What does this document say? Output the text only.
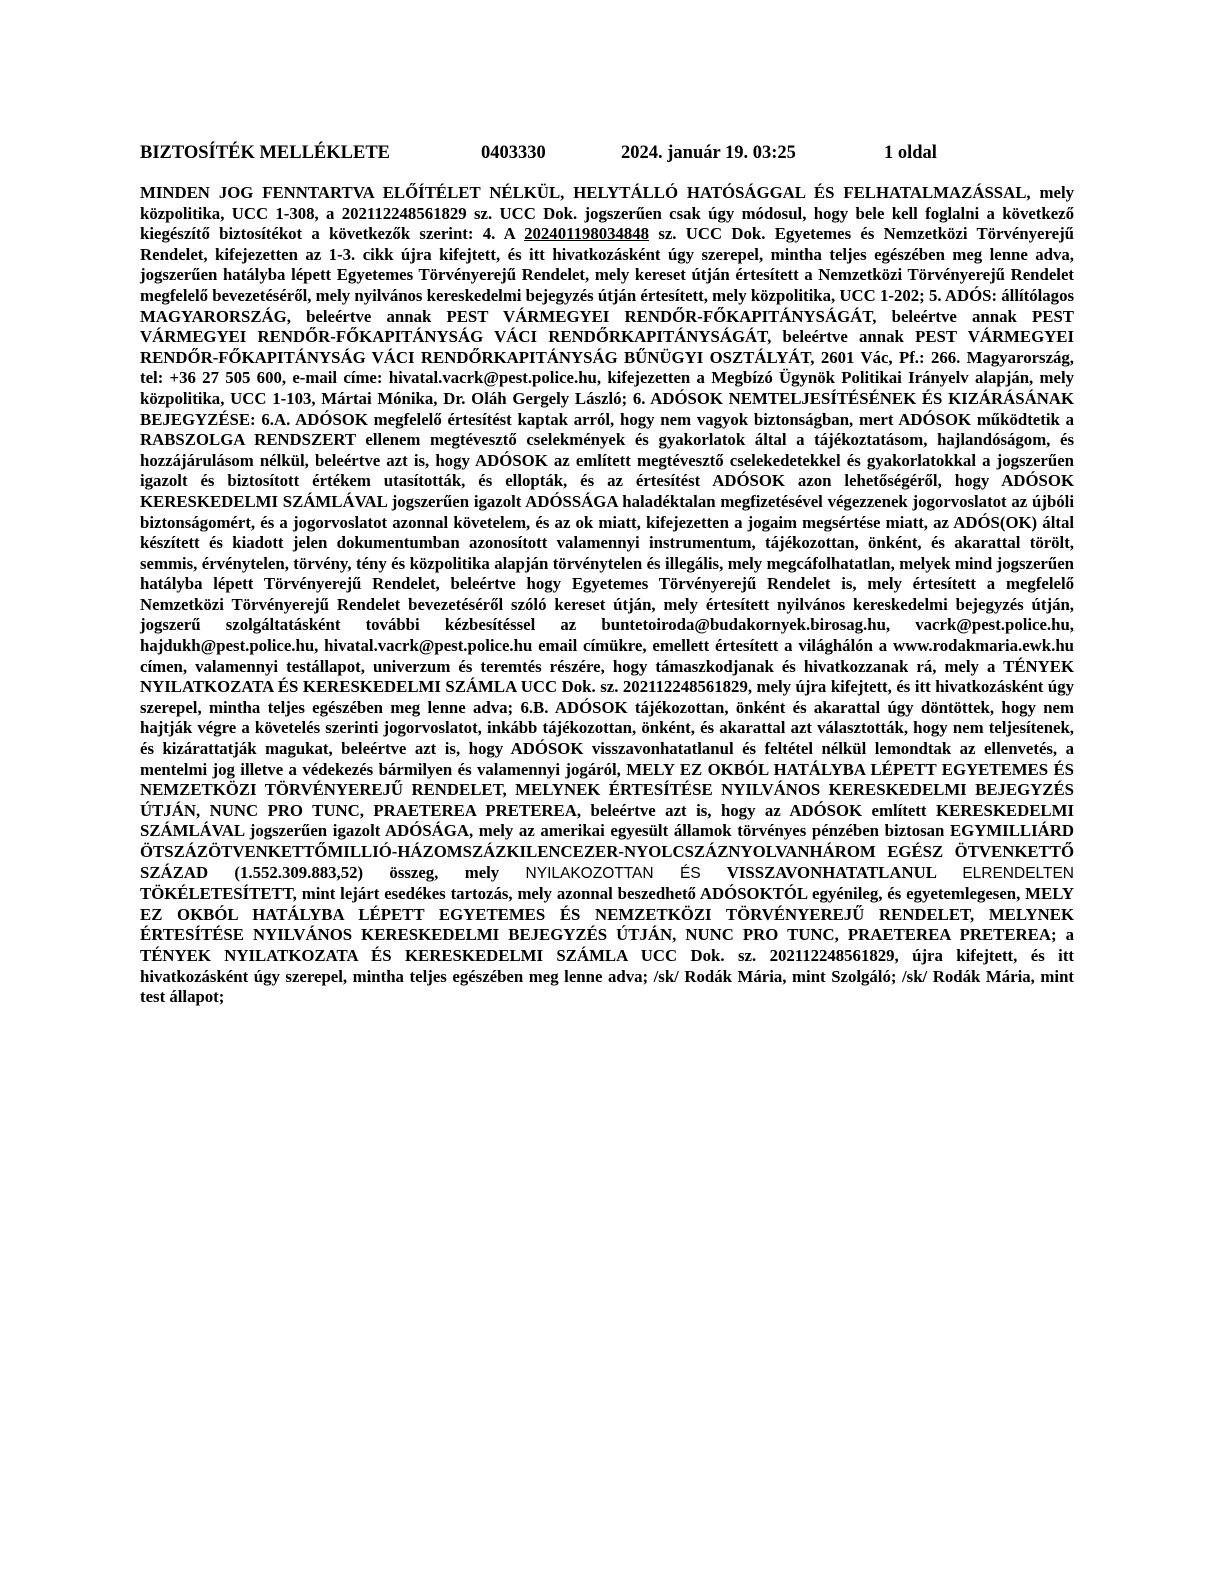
BIZTOSÍTÉK MELLÉKLETE	0403330	2024. január 19. 03:25	1 oldal
MINDEN JOG FENNTARTVA ELŐÍTÉLET NÉLKÜL, HELYTÁLLÓ HATÓSÁGGAL ÉS FELHATALMAZÁSSAL, mely közpolitika, UCC 1-308, a 202112248561829 sz. UCC Dok. jogszerűen csak úgy módosul, hogy bele kell foglalni a következő kiegészítő biztosítékot a következők szerint: 4. A 20240119803484​8 sz. UCC Dok. Egyetemes és Nemzetközi Törvényerejű Rendelet, kifejezetten az 1-3. cikk újra kifejtett, és itt hivatkozásként úgy szerepel, mintha teljes egészében meg lenne adva, jogszerűen hatályba lépett Egyetemes Törvényerejű Rendelet, mely kereset útján értesített a Nemzetközi Törvényerejű Rendelet megfelelő bevezetéséről, mely nyilvános kereskedelmi bejegyzés útján értesített, mely közpolitika, UCC 1-202; 5. ADÓS: állítólagos MAGYARORSZÁG, beleértve annak PEST VÁRMEGYEI RENDŐR-FŐKAPITÁNYSÁGÁT, beleértve annak PEST VÁRMEGYEI RENDŐR-FŐKAPITÁNYSÁG VÁCI RENDŐRKAPITÁNYSÁGÁT, beleértve annak PEST VÁRMEGYEI RENDŐR-FŐKAPITÁNYSÁG VÁCI RENDŐRKAPITÁNYSÁG BŰNÜGYI OSZTÁLYÁT, 2601 Vác, Pf.: 266. Magyarország, tel: +36 27 505 600, e-mail címe: hivatal.vacrk@pest.police.hu, kifejezetten a Megbízó Ügynök Politikai Irányelv alapján, mely közpolitika, UCC 1-103, Mártai Mónika, Dr. Oláh Gergely László; 6. ADÓSOK NEMTELJESÍTÉSÉNEK ÉS KIZÁRÁSÁNAK BEJEGYZÉSE: 6.A. ADÓSOK megfelelő értesítést kaptak arról, hogy nem vagyok biztonságban, mert ADÓSOK működtetik a RABSZOLGA RENDSZERT ellenem megtévesztő cselekmények és gyakorlatok által a tájékoztatásom, hajlandóságom, és hozzájárulásom nélkül, beleértve azt is, hogy ADÓSOK az említett megtévesztő cselekedetekkel és gyakorlatokkal a jogszerűen igazolt és biztosított értékem utasították, és ellopták, és az értesítést ADÓSOK azon lehetőségéről, hogy ADÓSOK KERESKEDELMI SZÁMLÁVAL jogszerűen igazolt ADÓSSÁGA haladéktalan megfizetésével végezzenek jogorvoslatot az újbóli biztonságomért, és a jogorvoslatot azonnal követelem, és az ok miatt, kifejezetten a jogaim megsértése miatt, az ADÓS(OK) által készített és kiadott jelen dokumentumban azonosított valamennyi instrumentum, tájékozottan, önként, és akarattal törölt, semmis, érvénytelen, törvény, tény és közpolitika alapján törvénytelen és illegális, mely megcáfolhatatlan, melyek mind jogszerűen hatályba lépett Törvényerejű Rendelet, beleértve hogy Egyetemes Törvényerejű Rendelet is, mely értesített a megfelelő Nemzetközi Törvényerejű Rendelet bevezetéséről szóló kereset útján, mely értesített nyilvános kereskedelmi bejegyzés útján, jogszerű szolgáltatásként további kézbesítéssel az buntetoiroda@budakornyek.birosag.hu, vacrk@pest.police.hu, hajdukh@pest.police.hu, hivatal.vacrk@pest.police.hu email címükre, emellett értesített a világhálón a www.rodakmaria.ewk.hu címen, valamennyi testállapot, univerzum és teremtés részére, hogy támaszkodjanak és hivatkozzanak rá, mely a TÉNYEK NYILATKOZATA ÉS KERESKEDELMI SZÁMLA UCC Dok. sz. 202112248561829, mely újra kifejtett, és itt hivatkozásként úgy szerepel, mintha teljes egészében meg lenne adva; 6.B. ADÓSOK tájékozottan, önként és akarattal úgy döntöttek, hogy nem hajtják végre a követelés szerinti jogorvoslatot, inkább tájékozottan, önként, és akarattal azt választották, hogy nem teljesítenek, és kizárattatják magukat, beleértve azt is, hogy ADÓSOK visszavonhatatlanul és feltétel nélkül lemondtak az ellenvetés, a mentelmi jog illetve a védekezés bármilyen és valamennyi jogáról, MELY EZ OKBÓL HATÁLYBA LÉPETT EGYETEMES ÉS NEMZETKÖZI TÖRVÉNYEREJŰ RENDELET, MELYNEK ÉRTESÍTÉSE NYILVÁNOS KERESKEDELMI BEJEGYZÉS ÚTJÁN, NUNC PRO TUNC, PRAETEREA PRETEREA, beleértve azt is, hogy az ADÓSOK említett KERESKEDELMI SZÁMLÁVAL jogszerűen igazolt ADÓSÁGA, mely az amerikai egyesült államok törvényes pénzében biztosan EGYMILLIÁRD ÖTSZÁZÖTVENKETTŐMILLIÓ-HÁZOMSZÁZKILENCEZER-NYOLCSZÁZNYOLVANHÁROM EGÉSZ ÖTVENKETTŐ SZÁZAD (1.552.309.883,52) összeg, mely NYILAKOZOTTAN ÉS VISSZAVONHATATLANUL ELRENDELTEN TÖKÉLETESÍTETT, mint lejárt esedékes tartozás, mely azonnal beszedhető ADÓSOKTÓL egyénileg, és egyetemlegesen, MELY EZ OKBÓL HATÁLYBA LÉPETT EGYETEMES ÉS NEMZETKÖZI TÖRVÉNYEREJŰ RENDELET, MELYNEK ÉRTESÍTÉSE NYILVÁNOS KERESKEDELMI BEJEGYZÉS ÚTJÁN, NUNC PRO TUNC, PRAETEREA PRETEREA; a TÉNYEK NYILATKOZATA ÉS KERESKEDELMI SZÁMLA UCC Dok. sz. 202112248561829, újra kifejtett, és itt hivatkozásként úgy szerepel, mintha teljes egészében meg lenne adva; /sk/ Rodák Mária, mint Szolgáló; /sk/ Rodák Mária, mint test állapot;
